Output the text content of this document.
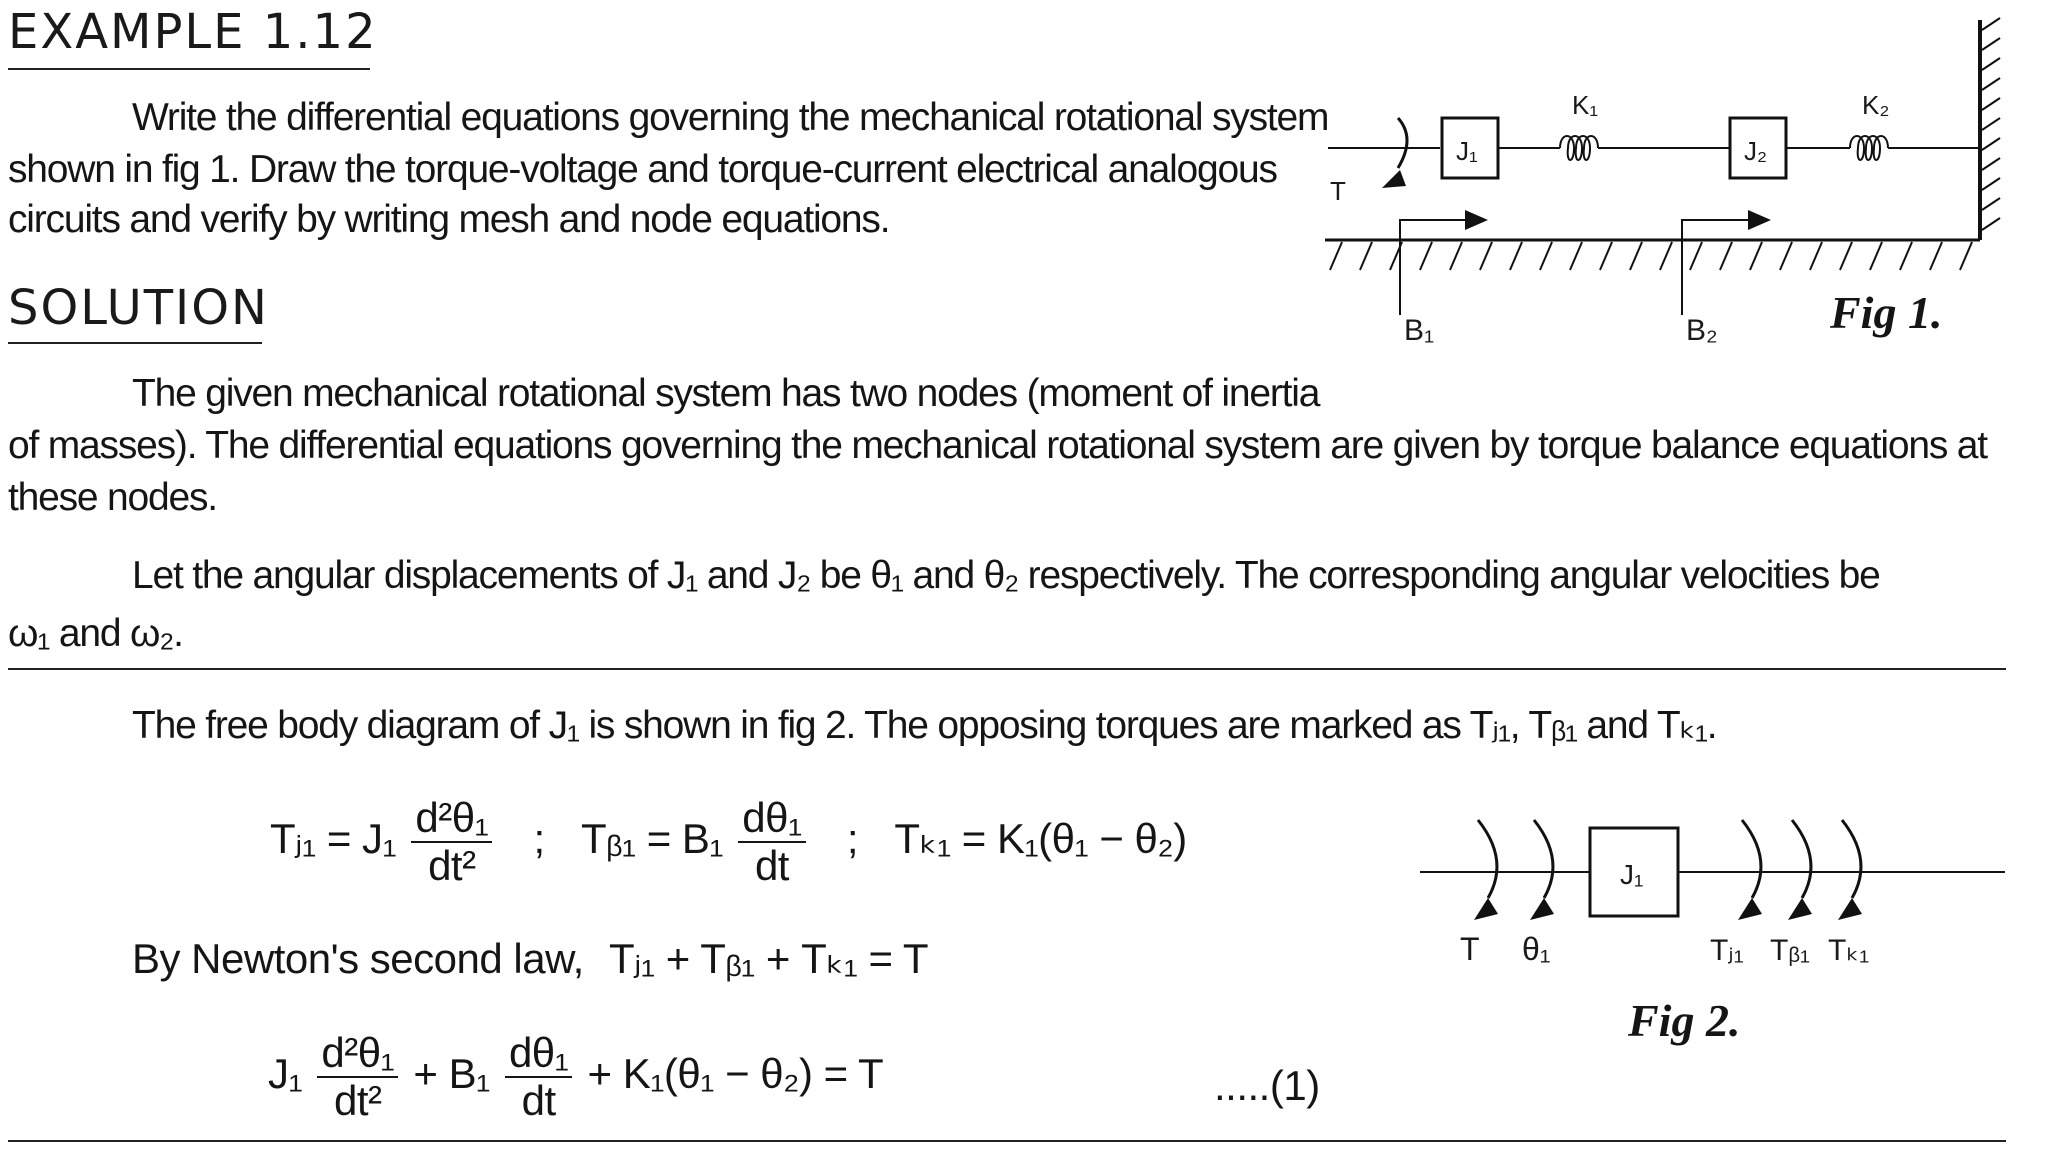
EXAMPLE 1.12
Write the differential equations governing the mechanical rotational system
shown in fig 1. Draw the torque-voltage and torque-current electrical analogous
circuits and verify by writing mesh and node equations.
SOLUTION
The given mechanical rotational system has two nodes (moment of inertia
of masses). The differential equations governing the mechanical rotational system are given by torque balance equations at
these nodes.
Let the angular displacements of J₁ and J₂ be θ₁ and θ₂ respectively. The corresponding angular velocities be
ω₁ and ω₂.
The free body diagram of J₁ is shown in fig 2. The opposing torques are marked as Tⱼ₁, Tᵦ₁ and Tₖ₁.
Tⱼ₁ = $J_1 \frac{\text{d²θ₁}}{\text{dt²}}$ ; Tᵦ₁ = $B_1 \frac{\text{dθ₁}}{dt}$ ; Tₖ₁ = K₁(θ₁ − θ₂)
By Newton's second law, Tⱼ₁ + Tᵦ₁ + Tₖ₁ = T
$J_1 \frac{\text{d²θ₁}}{\text{dt²}} + B_1 \frac{\text{dθ₁}}{dt} + K_1(\theta_1 - \theta_2) = T$	.....(1)
T
J₁
K₁
J₂
K₂
B₁	B₂ Fig 1.
J₁
T θ₁	Tⱼ₁ Tᵦ₁ Tₖ₁
Fig 2.
